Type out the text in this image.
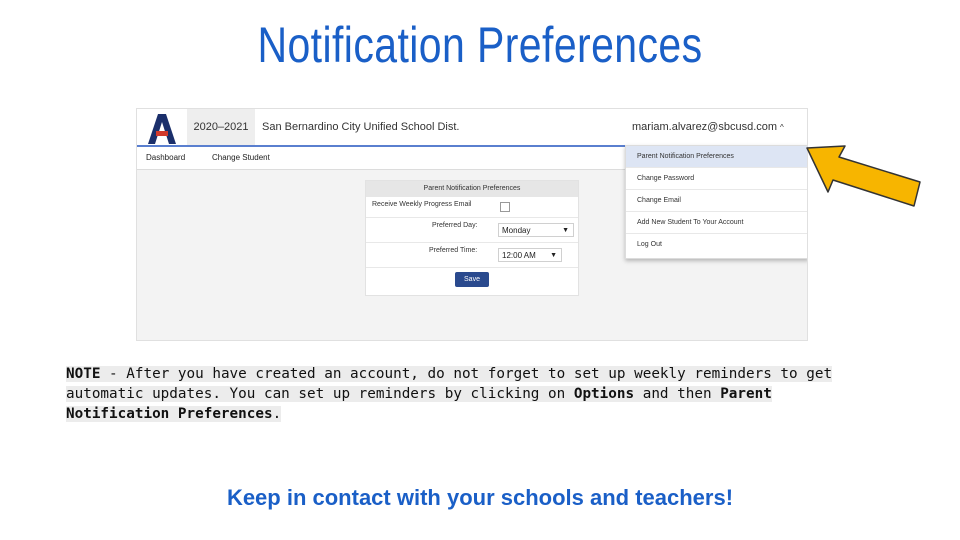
Notification Preferences
2020–2021	San Bernardino City Unified School Dist.	mariam.alvarez@sbcusd.com ^
Dashboard	Change Student
Parent Notification Preferences
Receive Weekly Progress Email
Preferred Day:
Monday	▼
Preferred Time:
12:00 AM ▼
Save
Parent Notification Preferences
Change Password
Change Email
Add New Student To Your Account
Log Out
NOTE - After you have created an account, do not forget to set up weekly reminders to get automatic updates. You can set up reminders by clicking on Options and then Parent Notification Preferences.
Keep in contact with your schools and teachers!
